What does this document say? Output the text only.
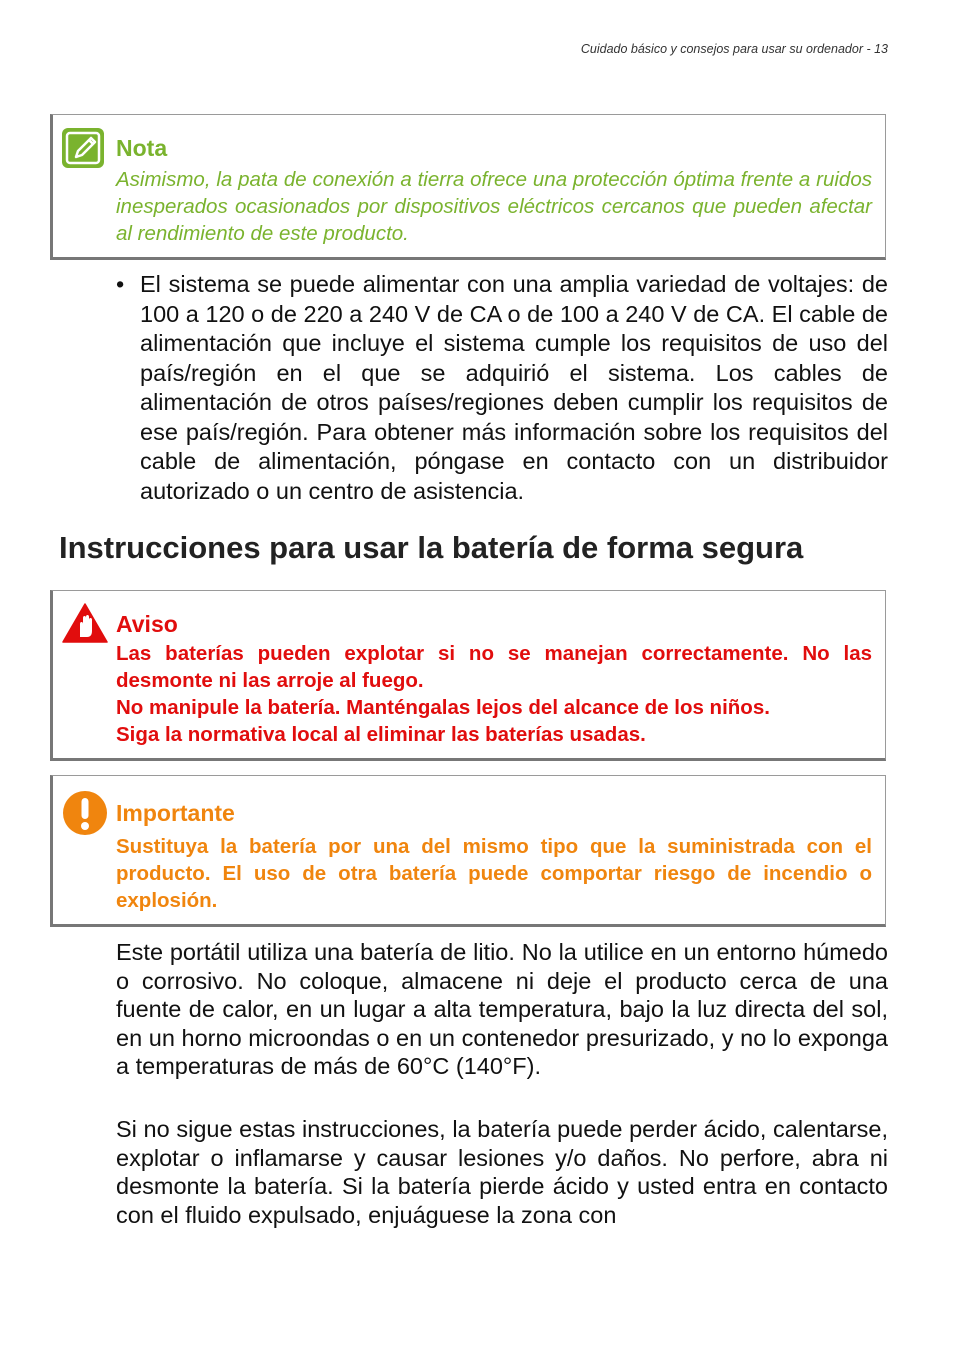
Cuidado básico y consejos para usar su ordenador - 13
Nota
Asimismo, la pata de conexión a tierra ofrece una protección óptima frente a ruidos inesperados ocasionados por dispositivos eléctricos cercanos que pueden afectar al rendimiento de este producto.
• El sistema se puede alimentar con una amplia variedad de voltajes: de 100 a 120 o de 220 a 240 V de CA o de 100 a 240 V de CA. El cable de alimentación que incluye el sistema cumple los requisitos de uso del país/región en el que se adquirió el sistema. Los cables de alimentación de otros países/regiones deben cumplir los requisitos de ese país/región. Para obtener más información sobre los requisitos del cable de alimentación, póngase en contacto con un distribuidor autorizado o un centro de asistencia.
Instrucciones para usar la batería de forma segura
Aviso
Las baterías pueden explotar si no se manejan correctamente. No las desmonte ni las arroje al fuego.
No manipule la batería. Manténgalas lejos del alcance de los niños.
Siga la normativa local al eliminar las baterías usadas.
Importante
Sustituya la batería por una del mismo tipo que la suministrada con el producto. El uso de otra batería puede comportar riesgo de incendio o explosión.
Este portátil utiliza una batería de litio. No la utilice en un entorno húmedo o corrosivo. No coloque, almacene ni deje el producto cerca de una fuente de calor, en un lugar a alta temperatura, bajo la luz directa del sol, en un horno microondas o en un contenedor presurizado, y no lo exponga a temperaturas de más de 60°C (140°F).
Si no sigue estas instrucciones, la batería puede perder ácido, calentarse, explotar o inflamarse y causar lesiones y/o daños. No perfore, abra ni desmonte la batería. Si la batería pierde ácido y usted entra en contacto con el fluido expulsado, enjuáguese la zona con
